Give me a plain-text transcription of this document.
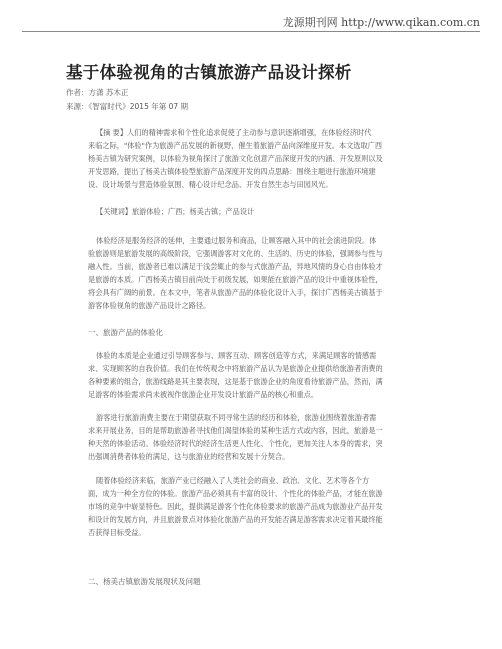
龙源期刊网 http://www.qikan.com.cn
基于体验视角的古镇旅游产品设计探析
作者：方潇 苏木正
来源：《智富时代》2015 年第 07 期
【摘 要】人们的精神需求和个性化追求促使了主动参与意识逐渐增强，在体验经济时代
来临之际，"体验"作为旅游产品发展的新视野，催生着旅游产品向深维度开发。本文选取广西
杨美古镇为研究案例，以体验为视角探讨了旅游文化创意产品深度开发的内涵、开发原则以及
开发思路，提出了杨美古镇体验型旅游产品深度开发的四点思路：围绕主题进行旅游环境建
设、设计场景与营造体验氛围、精心设计纪念品、开发自然生态与田园风光。
【关键词】旅游体验；广西；杨美古镇；产品设计
体验经济是服务经济的延伸，主要通过服务和商品，让顾客融入其中的社会演进阶段。体
验旅游则是旅游发展的高级阶段，它强调游客对文化的、生活的、历史的体验，强调参与性与
融入性。当前，旅游者已难以满足于浅尝辄止的参与式旅游产品，异地风情的身心自由体验才
是旅游的本质。广西杨美古镇目前尚处于初级发展，如果能在旅游产品的设计中重视体验性，
将会具有广阔的前景。在本文中，笔者从旅游产品的体验化设计入手，探讨广西杨美古镇基于
游客体验视角的旅游产品设计之路径。
一、旅游产品的体验化
体验的本质是企业通过引导顾客参与、顾客互动、顾客创造等方式，来满足顾客的情感需
求、实现顾客的自我价值。我们在传统观念中将旅游产品认为是旅游企业提供给旅游者消费的
各种要素的组合，旅游线路是其主要表现，这是基于旅游企业的角度看待旅游产品，然而，满
足游客的体验需求尚未被视作旅游企业开发设计旅游产品的核心和重点。
游客进行旅游消费主要在于期望获取不同寻常生活的经历和体验，旅游业围绕着旅游者需
求来开展业务，目的是帮助旅游者寻找他们渴望体验的某种生活方式或内容，因此，旅游是一
种天然的体验活动。体验经济时代的经济生活更人性化、个性化，更加关注人本身的需求，突
出强调消费者体验的满足，这与旅游业的经营和发展十分契合。
随着体验经济来临，旅游产业已经融入了人类社会的商业、政治、文化、艺术等各个方
面，成为一种全方位的体验。旅游产品必须具有丰富的设计、个性化的体验产品，才能在旅游
市场的竞争中崭显特色。因此，提供满足游客个性化体验要求的旅游产品成为旅游业产品开发
和设计的发展方向，并且旅游景点对体验化旅游产品的开发能否满足游客需求决定着其最终能
否获得目标受益。
二、杨美古镇旅游发展现状及问题
